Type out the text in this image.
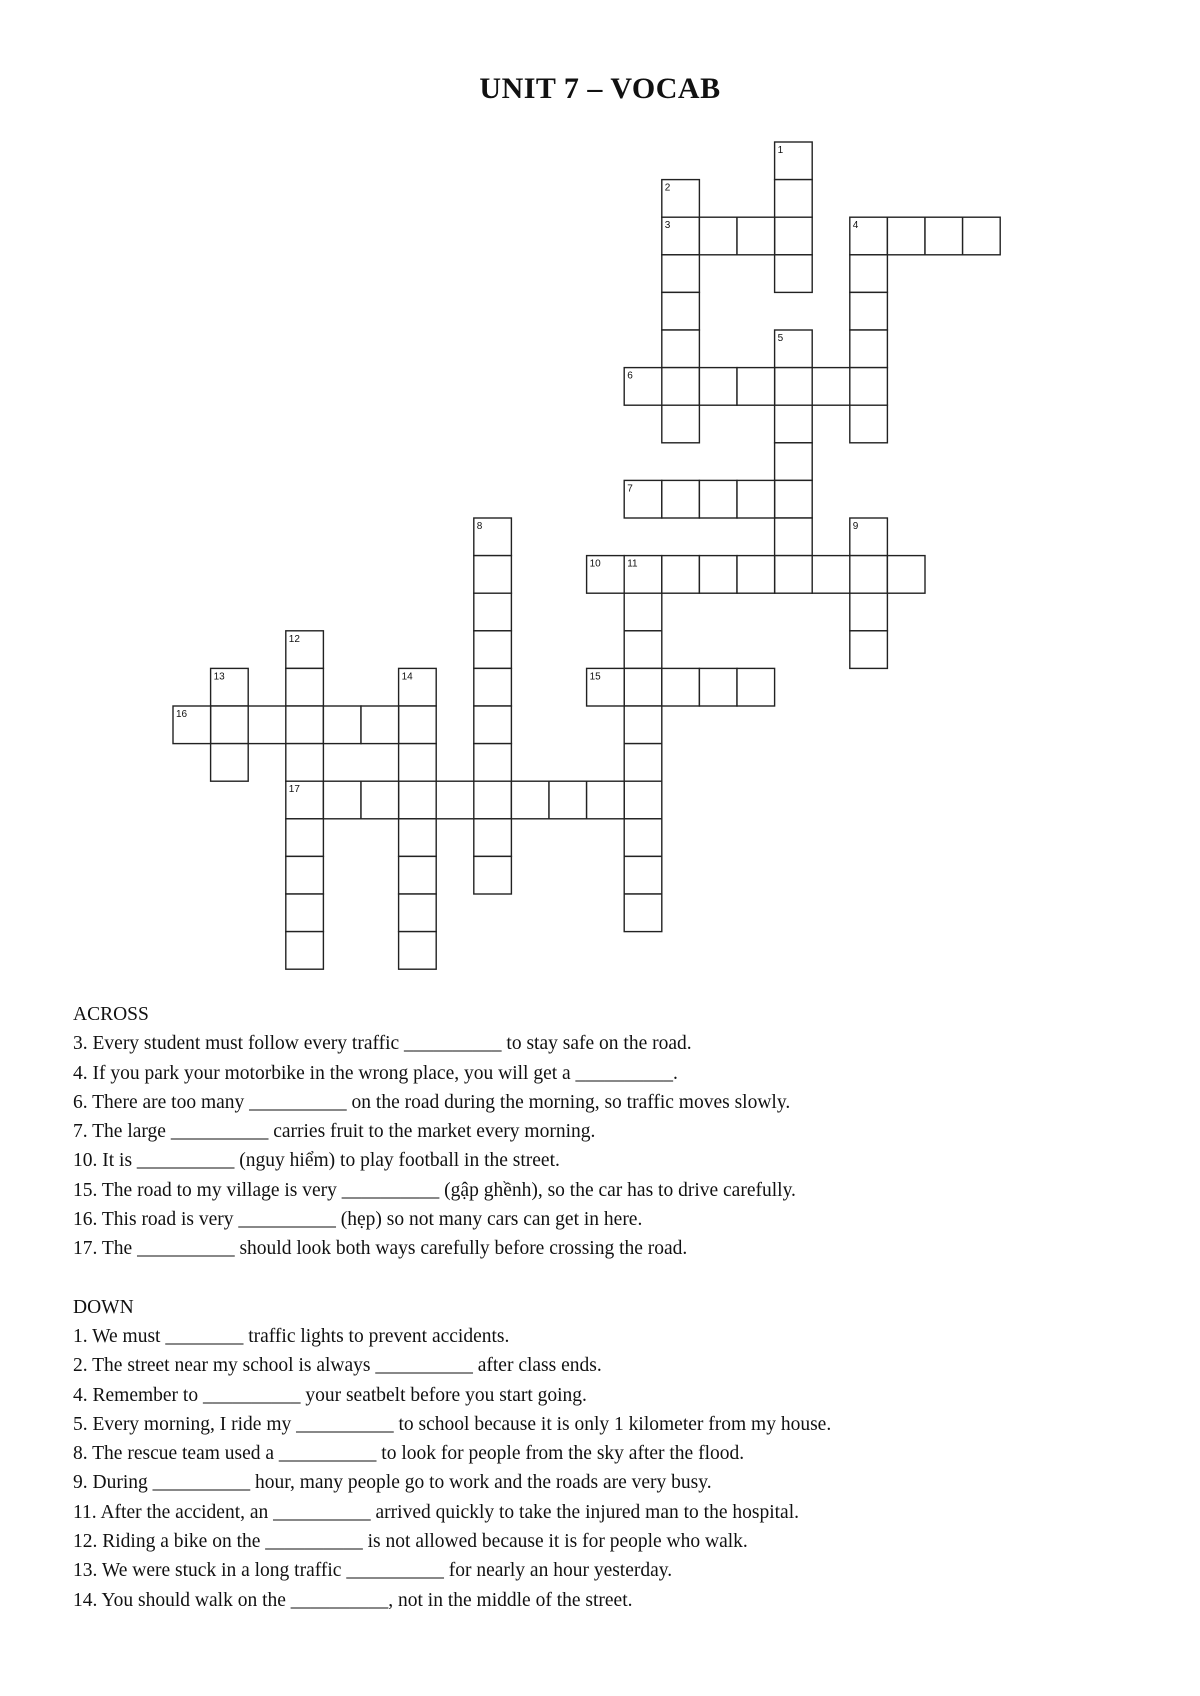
UNIT 7 – VOCAB
1
2
3	4
5
6
7
8	9
10	11
12
13	14	15
16
17

ACROSS

3. Every student must follow every traffic __________ to stay safe on the road.

4. If you park your motorbike in the wrong place, you will get a __________.

6. There are too many __________ on the road during the morning, so traffic moves slowly.

7. The large __________ carries fruit to the market every morning.

10. It is __________ (nguy hiểm) to play football in the street.

15. The road to my village is very __________ (gập ghềnh), so the car has to drive carefully.

16. This road is very __________ (hẹp) so not many cars can get in here.

17. The __________ should look both ways carefully before crossing the road.

DOWN

1. We must ________ traffic lights to prevent accidents.

2. The street near my school is always __________ after class ends.

4. Remember to __________ your seatbelt before you start going.

5. Every morning, I ride my __________ to school because it is only 1 kilometer from my house.

8. The rescue team used a __________ to look for people from the sky after the flood.

9. During __________ hour, many people go to work and the roads are very busy.

11. After the accident, an __________ arrived quickly to take the injured man to the hospital.

12. Riding a bike on the __________ is not allowed because it is for people who walk.

13. We were stuck in a long traffic __________ for nearly an hour yesterday.

14. You should walk on the __________, not in the middle of the street.
